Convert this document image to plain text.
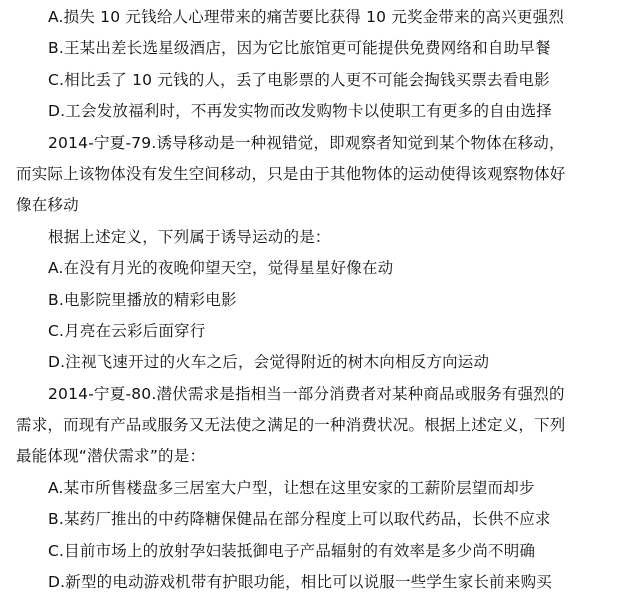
A.损失 10 元钱给人心理带来的痛苦要比获得 10 元奖金带来的高兴更强烈
B.王某出差长选星级酒店，因为它比旅馆更可能提供免费网络和自助早餐
C.相比丢了 10 元钱的人，丢了电影票的人更不可能会掏钱买票去看电影
D.工会发放福利时，不再发实物而改发购物卡以使职工有更多的自由选择
2014-宁夏-79.诱导移动是一种视错觉，即观察者知觉到某个物体在移动，
而实际上该物体没有发生空间移动，只是由于其他物体的运动使得该观察物体好
像在移动
根据上述定义，下列属于诱导运动的是：
A.在没有月光的夜晚仰望天空，觉得星星好像在动
B.电影院里播放的精彩电影
C.月亮在云彩后面穿行
D.注视飞速开过的火车之后，会觉得附近的树木向相反方向运动
2014-宁夏-80.潜伏需求是指相当一部分消费者对某种商品或服务有强烈的
需求，而现有产品或服务又无法使之满足的一种消费状况。根据上述定义，下列
最能体现“潜伏需求”的是：
A.某市所售楼盘多三居室大户型，让想在这里安家的工薪阶层望而却步
B.某药厂推出的中药降糖保健品在部分程度上可以取代药品，长供不应求
C.目前市场上的放射孕妇装抵御电子产品辐射的有效率是多少尚不明确
D.新型的电动游戏机带有护眼功能，相比可以说服一些学生家长前来购买
